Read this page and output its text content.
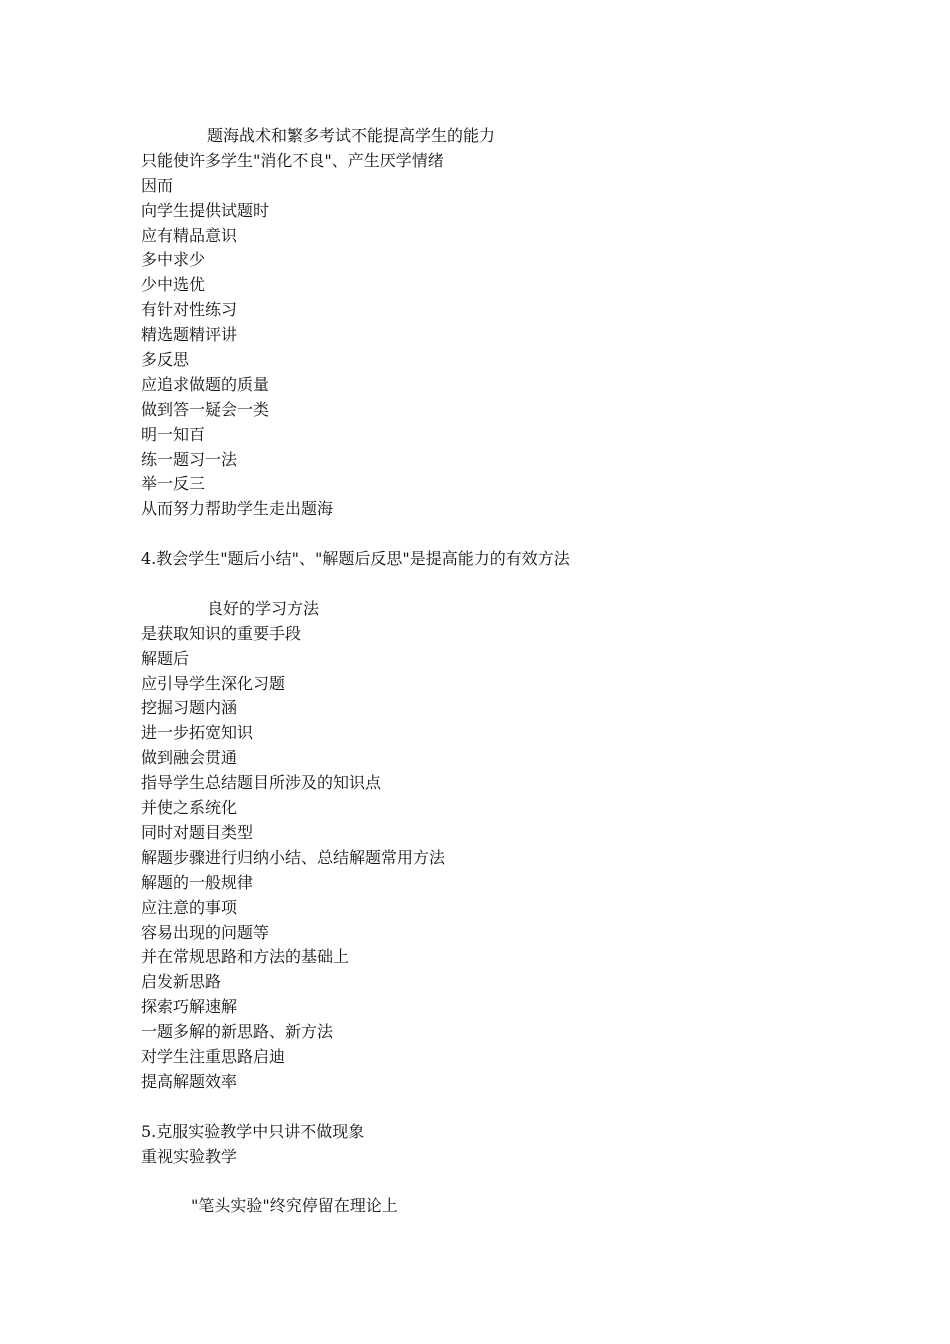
题海战术和繁多考试不能提高学生的能力
只能使许多学生"消化不良"、产生厌学情绪
因而
向学生提供试题时
应有精品意识
多中求少
少中选优
有针对性练习
精选题精评讲
多反思
应追求做题的质量
做到答一疑会一类
明一知百
练一题习一法
举一反三
从而努力帮助学生走出题海
4.教会学生"题后小结"、"解题后反思"是提高能力的有效方法
良好的学习方法
是获取知识的重要手段
解题后
应引导学生深化习题
挖掘习题内涵
进一步拓宽知识
做到融会贯通
指导学生总结题目所涉及的知识点
并使之系统化
同时对题目类型
解题步骤进行归纳小结、总结解题常用方法
解题的一般规律
应注意的事项
容易出现的问题等
并在常规思路和方法的基础上
启发新思路
探索巧解速解
一题多解的新思路、新方法
对学生注重思路启迪
提高解题效率
5.克服实验教学中只讲不做现象
重视实验教学
"笔头实验"终究停留在理论上
